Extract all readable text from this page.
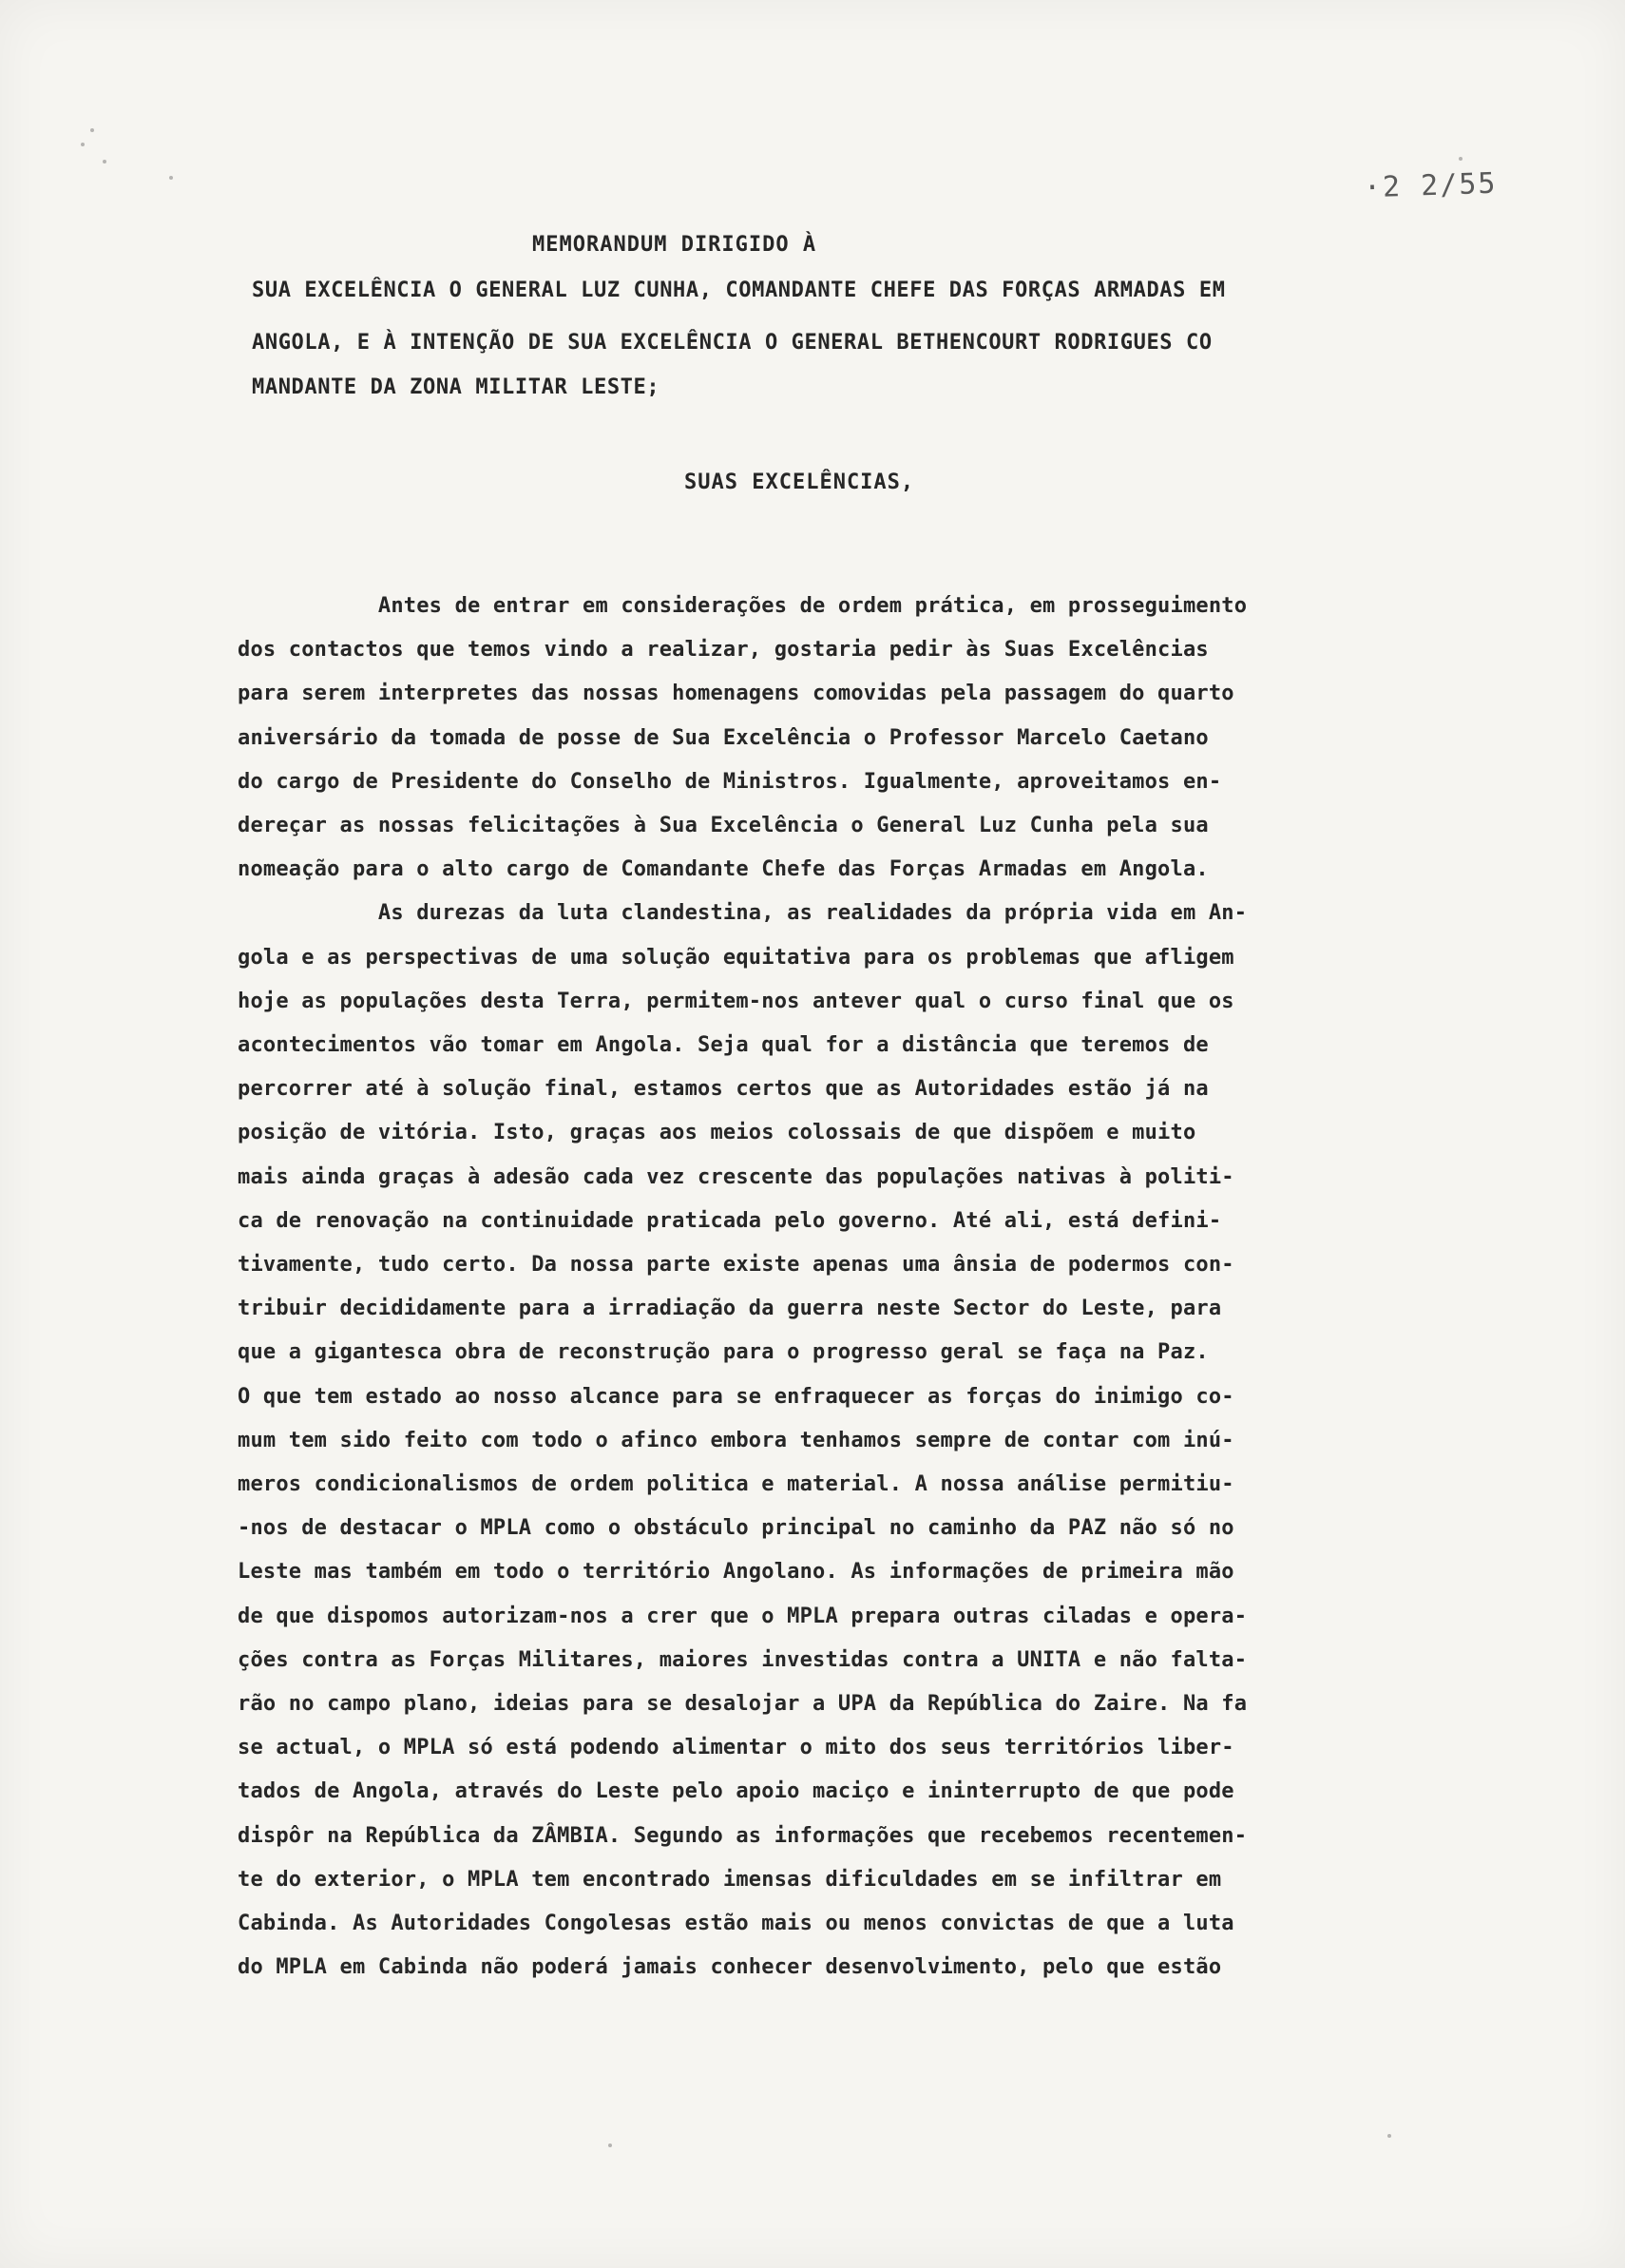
·2 2/55
MEMORANDUM DIRIGIDO À
SUA EXCELÊNCIA O GENERAL LUZ CUNHA, COMANDANTE CHEFE DAS FORÇAS ARMADAS EM
ANGOLA, E À INTENÇÃO DE SUA EXCELÊNCIA O GENERAL BETHENCOURT RODRIGUES CO
MANDANTE DA ZONA MILITAR LESTE;
SUAS EXCELÊNCIAS,
Antes de entrar em considerações de ordem prática, em prosseguimento
dos contactos que temos vindo a realizar, gostaria pedir às Suas Excelências
para serem interpretes das nossas homenagens comovidas pela passagem do quarto
aniversário da tomada de posse de Sua Excelência o Professor Marcelo Caetano
do cargo de Presidente do Conselho de Ministros. Igualmente, aproveitamos en-
dereçar as nossas felicitações à Sua Excelência o General Luz Cunha pela sua
nomeação para o alto cargo de Comandante Chefe das Forças Armadas em Angola.
As durezas da luta clandestina, as realidades da própria vida em An-
gola e as perspectivas de uma solução equitativa para os problemas que afligem
hoje as populações desta Terra, permitem-nos antever qual o curso final que os
acontecimentos vão tomar em Angola. Seja qual for a distância que teremos de
percorrer até à solução final, estamos certos que as Autoridades estão já na
posição de vitória. Isto, graças aos meios colossais de que dispõem e muito
mais ainda graças à adesão cada vez crescente das populações nativas à politi-
ca de renovação na continuidade praticada pelo governo. Até ali, está defini-
tivamente, tudo certo. Da nossa parte existe apenas uma ânsia de podermos con-
tribuir decididamente para a irradiação da guerra neste Sector do Leste, para
que a gigantesca obra de reconstrução para o progresso geral se faça na Paz.
O que tem estado ao nosso alcance para se enfraquecer as forças do inimigo co-
mum tem sido feito com todo o afinco embora tenhamos sempre de contar com inú-
meros condicionalismos de ordem politica e material. A nossa análise permitiu-
-nos de destacar o MPLA como o obstáculo principal no caminho da PAZ não só no
Leste mas também em todo o território Angolano. As informações de primeira mão
de que dispomos autorizam-nos a crer que o MPLA prepara outras ciladas e opera-
ções contra as Forças Militares, maiores investidas contra a UNITA e não falta-
rão no campo plano, ideias para se desalojar a UPA da República do Zaire. Na fa
se actual, o MPLA só está podendo alimentar o mito dos seus territórios liber-
tados de Angola, através do Leste pelo apoio maciço e ininterrupto de que pode
dispôr na República da ZÂMBIA. Segundo as informações que recebemos recentemen-
te do exterior, o MPLA tem encontrado imensas dificuldades em se infiltrar em
Cabinda. As Autoridades Congolesas estão mais ou menos convictas de que a luta
do MPLA em Cabinda não poderá jamais conhecer desenvolvimento, pelo que estão
